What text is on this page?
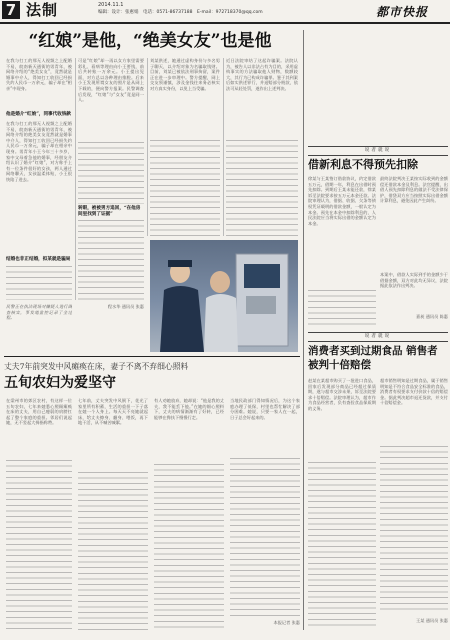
7 法制	2014.11.1
编辑：设计：张惠娟　电话：0571-86737188　E-mail：972718370@qq.com	都市快报
“红娘”是他，“绝美女友”也是他
在我与打工的那无人视频之上配婚不易，皖南新天通街的男青年，被网络介绍的“绝美女友”，竟然就是婚事中介人，得知打工收回已经损失约人民币一万余元，骗子却在“相亲”中现身。
他是婚介“红娘”，同事代收钱款
在我与打工的那无人视频之上配婚不易，皖南新天通街的男青年，被网络介绍的绝美女友竟然就是婚事中介人，得知打工收回已经损失约人民币一万余元，骗子却在相亲中现身。男青年小王今年三十多岁，家中父母着急他的婚事，经朋友介绍认识了婚介“红娘”，对方称手上有一位条件很好的女孩，两人通过网络聊天，女孩温柔体贴，小王很快陷了进去。
结婚也非正结婚，拟某就是骗局
可是“红娘”却一再以女方家里需要彩礼、看病等理由向小王要钱，前后共转账一万余元。小王提出见面，对方总以各种理由推脱。后来小王发现所谓女友的照片是从网上下载的，便向警方报案。民警调查后发现，“红娘”与“女友”竟是同一人。
转眼，被被男方追回，“在他房间里找到了证据”
刘某供述，她通过虚构身份与多名男子聊天，以介绍对象为名骗取钱财。目前，刘某已被依法刑事拘留，案件正在进一步审理中。警方提醒，网上交友须谨慎，涉及金钱往来务必核实对方真实身份，以免上当受骗。
近日法院审结了这起诈骗案。法院认为，被告人以非法占有为目的，采用虚构事实的方法骗取他人财物，数额较大，其行为已构成诈骗罪。鉴于其到案后如实供述罪行，并退赔部分赃款，依法可从轻处罚，遂作出上述判决。
民警正在执法现场对嫌疑人进行调查核实，事发地监控记录了全过程。
程水华 通讯员 张惠
说者就说
借新利息不得预先扣除
徐某与王某签订借款协议，约定借款五万元，借期一年，利息在出借时预先扣除。到期后王某未能还款，徐某诉至法院要求按五万元本金还款。法院审理认为，借据、收据、欠条等债权凭证载明的借款金额，一般认定为本金。预先在本金中扣除利息的，人民法院应当将实际出借的金额认定为本金。
最终法院判决王某按实际收到的金额偿还借款本金及利息。法官提醒，出借人预先扣除利息的做法不受法律保护，借贷双方应当按照实际出借金额计算利息，避免因此产生纠纷。
本案中，借款人实际到手的金额少于借据金额，双方对此均无异议，法院据此依法作出判决。
嘉昶 通讯员 陈惠
说者就说
消费者买到过期食品 销售者被判十倍赔偿
赵某在某超市购买了一批进口食品，回家后发现部分商品已经超过保质期，遂与超市交涉未果，诉至法院要求十倍赔偿。法院审理认为，超市作为食品经营者，负有查验食品保质期的义务。
超市销售明知是过期食品，属于销售明知是不符合食品安全标准的食品，消费者有权要求支付价款十倍的赔偿金。据此判决超市退还货款，并支付十倍赔偿金。
王某 通讯员 张惠
丈夫7年前突发中风瘫痪在床，妻子不离不弃细心照料
五旬农妇为爱坚守
在梁州市的郊区农村，有这样一位五旬农妇，七年来她悉心照顾瘫痪在床的丈夫，用自己瘦弱的肩膀扛起了整个家庭的重担。邻居们说起她，无不竖起大拇指称赞。
七年前，丈夫突发中风倒下，花光了家里所有积蓄，生活的重担一下子落在她一个人身上。每天天不亮她就起床，给丈夫擦身、翻身、喂饭，再下地干活，从不喊苦喊累。
有人劝她放弃，她却说：“他是我的丈夫，我不能丢下他。”在她的细心照料下，丈夫的病情渐渐有了好转，已经能够在搀扶下慢慢行走。
当地民政部门得知情况后，为这个家庭办理了低保，村里也帮忙解决了部分困难。她说，只要一家人在一起，日子总会好起来的。
本报记者 张惠
